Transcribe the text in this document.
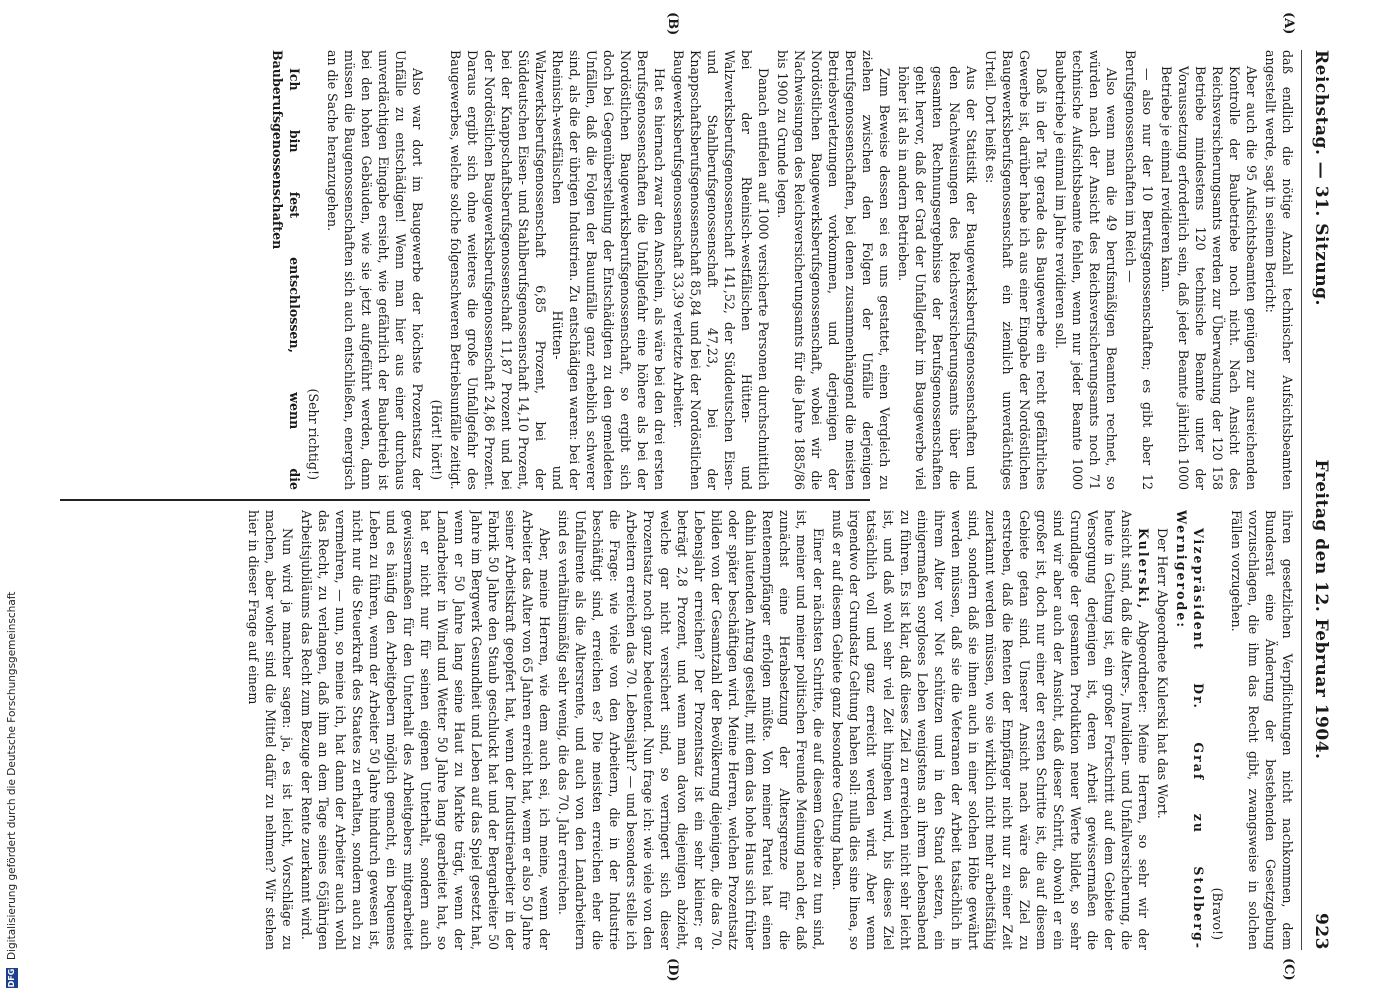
DFG
Digitalisierung gefördert durch die Deutsche Forschungsgemeinschaft
Reichstag. — 31. Sitzung.
Freitag den 12. Februar 1904.
923
(A)
(B)
(C)
(D)

daß endlich die nötige Anzahl technischer Aufsichtsbeamten angestellt werde, sagt in seinem Bericht:

Aber auch die 95 Aufsichtsbeamten genügen zur ausreichenden Kontrolle der Baubetriebe noch nicht. Nach Ansicht des Reichsversicherungsamts werden zur Überwachung der 120 158 Betriebe mindestens 120 technische Beamte unter der Voraussetzung erforderlich sein, daß jeder Beamte jährlich 1000 Betriebe je einmal revidieren kann.

— also nur der 10 Berufsgenossenschaften; es gibt aber 12 Berufsgenossenschaften im Reich —

Also wenn man die 49 berufsmäßigen Beamten rechnet, so würden nach der Ansicht des Reichsversicherungsamts noch 71 technische Aufsichtsbeamte fehlen, wenn nur jeder Beamte 1000 Baubetriebe je einmal im Jahre revidieren soll.

Daß in der Tat gerade das Baugewerbe ein recht gefährliches Gewerbe ist, darüber habe ich aus einer Eingabe der Nordöstlichen Baugewerksberufsgenossenschaft ein ziemlich unverdächtiges Urteil. Dort heißt es:

Aus der Statistik der Baugewerksberufsgenossenschaften und den Nachweisungen des Reichsversicherungsamts über die gesamten Rechnungsergebnisse der Berufsgenossenschaften geht hervor, daß der Grad der Unfallgefahr im Baugewerbe viel höher ist als in andern Betrieben.

Zum Beweise dessen sei es uns gestattet, einen Vergleich zu ziehen zwischen den Folgen der Unfälle derjenigen Berufsgenossenschaften, bei denen zusammenhängend die meisten Betriebsverletzungen vorkommen, und derjenigen der Nordöstlichen Baugewerksberufsgenossenschaft, wobei wir die Nachweisungen des Reichsversicherungsamts für die Jahre 1885/86 bis 1900 zu Grunde legen.

Danach entfielen auf 1000 versicherte Personen durchschnittlich bei der Rheinisch-westfälischen Hütten- und Walzwerksberufsgenossenschaft 141,52, der Süddeutschen Eisen- und Stahlberufsgenossenschaft 47,23, bei der Knappschaftsberufsgenossenschaft 85,84 und bei der Nordöstlichen Baugewerksberufsgenossenschaft 33,39 verletzte Arbeiter.

Hat es hiernach zwar den Anschein, als wäre bei den drei ersten Berufsgenossenschaften die Unfallgefahr eine höhere als bei der Nordöstlichen Baugewerksberufsgenossenschaft, so ergibt sich doch bei Gegenüberstellung der Entschädigten zu den gemeldeten Unfällen, daß die Folgen der Bauunfälle ganz erheblich schwerer sind, als die der übrigen Industrien. Zu entschädigen waren: bei der Rheinisch-westfälischen Hütten- und Walzwerksberufsgenossenschaft 6,85 Prozent, bei der Süddeutschen Eisen- und Stahlberufsgenossenschaft 14,10 Prozent, bei der Knappschaftsberufsgenossenschaft 11,87 Prozent und bei der Nordöstlichen Baugewerksberufsgenossenschaft 24,86 Prozent. Daraus ergibt sich ohne weiteres die große Unfallgefahr des Baugewerbes, welche solche folgenschweren Betriebsunfälle zeitigt.

(Hört! hört!)

Also war dort im Baugewerbe der höchste Prozentsatz der Unfälle zu entschädigen! Wenn man hier aus einer durchaus unverdächtigen Eingabe ersieht, wie gefährlich der Baubetrieb ist bei den hohen Gebäuden, wie sie jetzt aufgeführt werden, dann müssen die Baugenossenschaften sich auch entschließen, energisch an die Sache heranzugehen.

(Sehr richtig!)

Ich bin fest entschlossen, wenn die Bauberufsgenossenschaften

ihren gesetzlichen Verpflichtungen nicht nachkommen, dem Bundesrat eine Änderung der bestehenden Gesetzgebung vorzuschlagen, die ihm das Recht gibt, zwangsweise in solchen Fällen vorzugehen.

(Bravo!)

Vizepräsident Dr. Graf zu Stolberg-Wernigerode:

Der Herr Abgeordnete Kulerski hat das Wort.

Kulerski, Abgeordneter: Meine Herren, so sehr wir der Ansicht sind, daß die Alters-, Invaliden- und Unfallversicherung, die heute in Geltung ist, ein großer Fortschritt auf dem Gebiete der Versorgung derjenigen ist, deren Arbeit gewissermaßen die Grundlage der gesamten Produktion neuer Werte bildet, so sehr sind wir aber auch der Ansicht, daß dieser Schritt, obwohl er ein großer ist, doch nur einer der ersten Schritte ist, die auf diesem Gebiete getan sind. Unserer Ansicht nach wäre das Ziel zu erstreben, daß die Renten der Empfänger nicht nur zu einer Zeit zuerkannt werden müssen, wo sie wirklich nicht mehr arbeitsfähig sind, sondern daß sie ihnen auch in einer solchen Höhe gewährt werden müssen, daß sie die Veteranen der Arbeit tatsächlich in ihrem Alter vor Not schützen und in den Stand setzen, ein einigermaßen sorgloses Leben wenigstens an ihrem Lebensabend zu führen. Es ist klar, daß dieses Ziel zu erreichen nicht sehr leicht ist, und daß wohl sehr viel Zeit hingehen wird, bis dieses Ziel tatsächlich voll und ganz erreicht werden wird. Aber wenn irgendwo der Grundsatz Geltung haben soll: nulla dies sine linea, so muß er auf diesem Gebiete ganz besondere Geltung haben.

Einer der nächsten Schritte, die auf diesem Gebiete zu tun sind, ist, meiner und meiner politischen Freunde Meinung nach der, daß zunächst eine Herabsetzung der Altersgrenze für die Rentenempfänger erfolgen müßte. Von meiner Partei hat einen dahin lautenden Antrag gestellt, mit dem das hohe Haus sich früher oder später beschäftigen wird. Meine Herren, welchen Prozentsatz bilden von der Gesamtzahl der Bevölkerung diejenigen, die das 70. Lebensjahr erreichen? Der Prozentsatz ist ein sehr kleiner; er beträgt 2,8 Prozent, und wenn man davon diejenigen abzieht, welche gar nicht versichert sind, so verringert sich dieser Prozentsatz noch ganz bedeutend. Nun frage ich: wie viele von den Arbeitern erreichen das 70. Lebensjahr? — und besonders stelle ich die Frage: wie viele von den Arbeitern, die in der Industrie beschäftigt sind, erreichen es? Die meisten erreichen eher die Unfallrente als die Altersrente, und auch von den Landarbeitern sind es verhältnismäßig sehr wenig, die das 70. Jahr erreichen.

Aber, meine Herren, wie dem auch sei, ich meine, wenn der Arbeiter das Alter von 65 Jahren erreicht hat, wenn er also 50 Jahre seiner Arbeitskraft geopfert hat, wenn der Industriearbeiter in der Fabrik 50 Jahre den Staub geschluckt hat und der Bergarbeiter 50 Jahre im Bergwerk Gesundheit und Leben auf das Spiel gesetzt hat, wenn er 50 Jahre lang seine Haut zu Markte trägt, wenn der Landarbeiter in Wind und Wetter 50 Jahre lang gearbeitet hat, so hat er nicht nur für seinen eigenen Unterhalt, sondern auch gewissermaßen für den Unterhalt des Arbeitgebers mitgearbeitet und es häufig den Arbeitgebern möglich gemacht, ein bequemes Leben zu führen, wenn der Arbeiter 50 Jahre hindurch gewesen ist, nicht nur die Steuerkraft des Staates zu erhalten, sondern auch zu vermehren, — nun, so meine ich, hat dann der Arbeiter auch wohl das Recht, zu verlangen, daß ihm an dem Tage seines 65jährigen Arbeitsjubiläums das Recht zum Bezuge der Rente zuerkannt wird.

Nun wird ja mancher sagen: ja, es ist leicht, Vorschläge zu machen, aber woher sind die Mittel dafür zu nehmen? Wir stehen hier in dieser Frage auf einem
